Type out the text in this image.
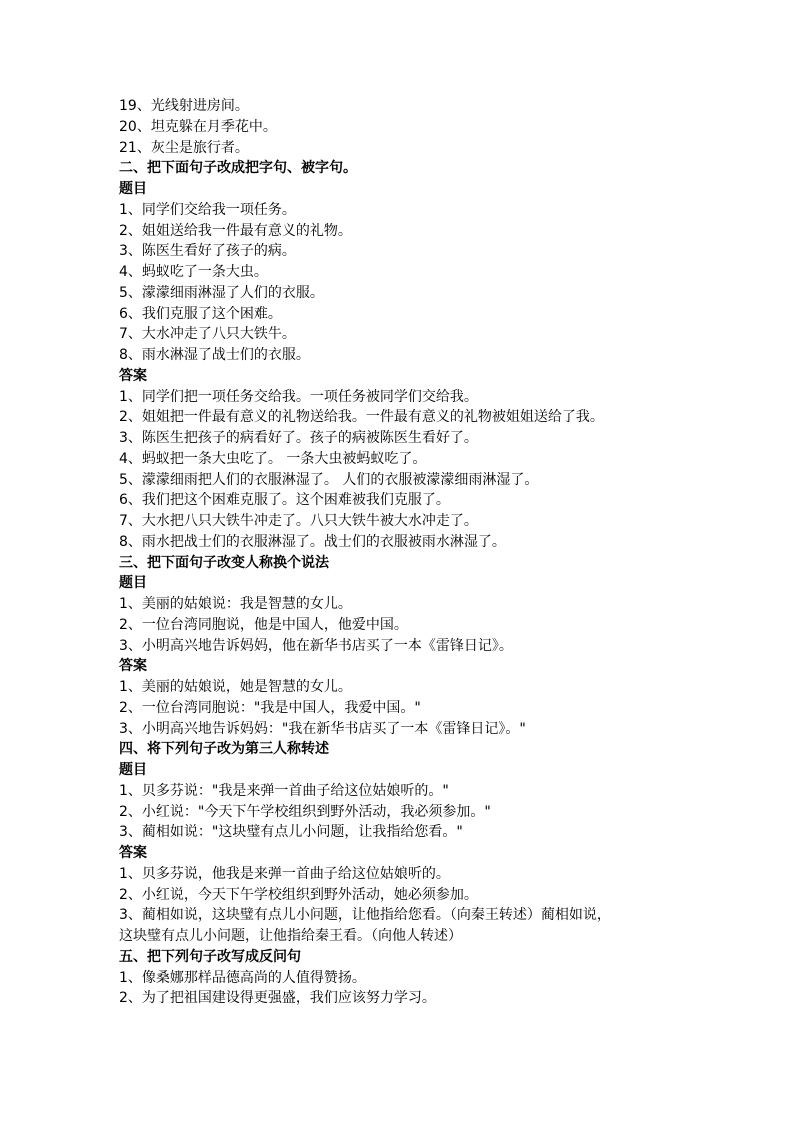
19、光线射进房间。
20、坦克躲在月季花中。
21、灰尘是旅行者。
二、把下面句子改成把字句、被字句。
题目
1、同学们交给我一项任务。
2、姐姐送给我一件最有意义的礼物。
3、陈医生看好了孩子的病。
4、蚂蚁吃了一条大虫。
5、濛濛细雨淋湿了人们的衣服。
6、我们克服了这个困难。
7、大水冲走了八只大铁牛。
8、雨水淋湿了战士们的衣服。
答案
1、同学们把一项任务交给我。一项任务被同学们交给我。
2、姐姐把一件最有意义的礼物送给我。一件最有意义的礼物被姐姐送给了我。
3、陈医生把孩子的病看好了。孩子的病被陈医生看好了。
4、蚂蚁把一条大虫吃了。 一条大虫被蚂蚁吃了。
5、濛濛细雨把人们的衣服淋湿了。 人们的衣服被濛濛细雨淋湿了。
6、我们把这个困难克服了。这个困难被我们克服了。
7、大水把八只大铁牛冲走了。八只大铁牛被大水冲走了。
8、雨水把战士们的衣服淋湿了。战士们的衣服被雨水淋湿了。
三、把下面句子改变人称换个说法
题目
1、美丽的姑娘说：我是智慧的女儿。
2、一位台湾同胞说，他是中国人，他爱中国。
3、小明高兴地告诉妈妈，他在新华书店买了一本《雷锋日记》。
答案
1、美丽的姑娘说，她是智慧的女儿。
2、一位台湾同胞说："我是中国人，我爱中国。"
3、小明高兴地告诉妈妈："我在新华书店买了一本《雷锋日记》。"
四、将下列句子改为第三人称转述
题目
1、贝多芬说："我是来弹一首曲子给这位姑娘听的。"
2、小红说："今天下午学校组织到野外活动，我必须参加。"
3、蔺相如说："这块璧有点儿小问题，让我指给您看。"
答案
1、贝多芬说，他我是来弹一首曲子给这位姑娘听的。
2、小红说，今天下午学校组织到野外活动，她必须参加。
3、蔺相如说，这块璧有点儿小问题，让他指给您看。（向秦王转述）蔺相如说，
这块璧有点儿小问题，让他指给秦王看。（向他人转述）
五、把下列句子改写成反问句
1、像桑娜那样品德高尚的人值得赞扬。
2、为了把祖国建设得更强盛，我们应该努力学习。
